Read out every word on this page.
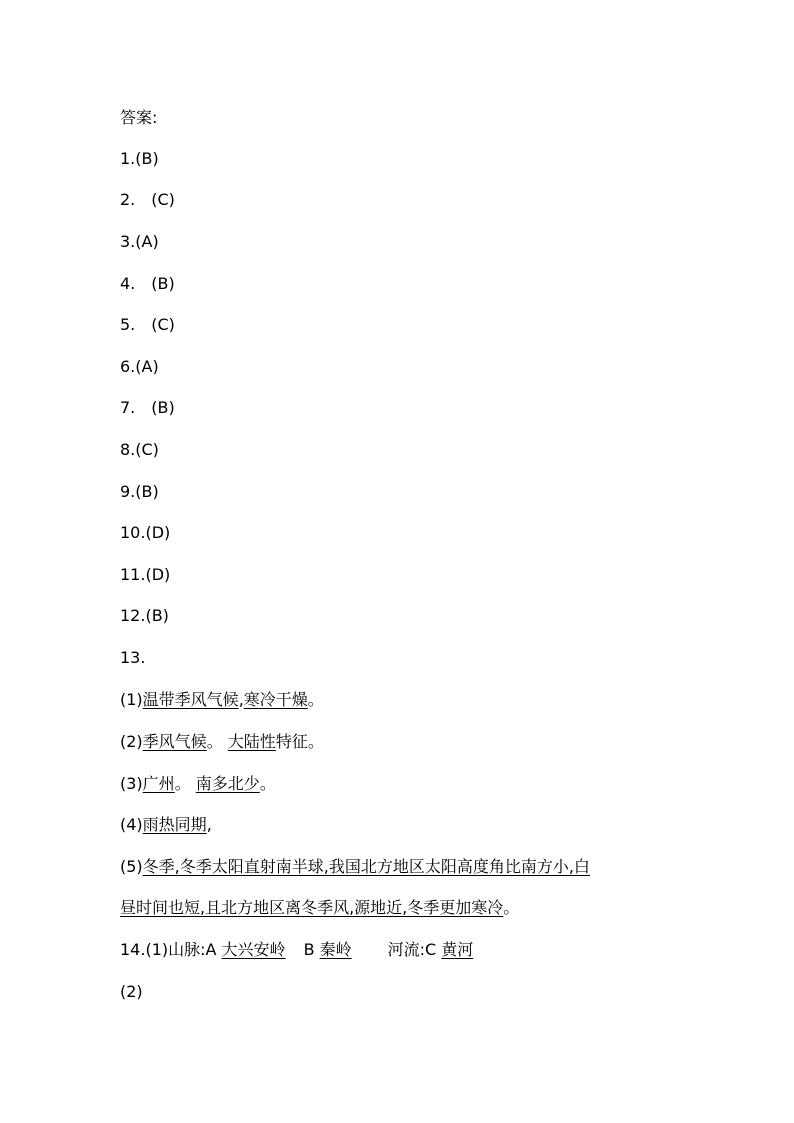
答案:
1.(B)
2.　(C)
3.(A)
4.　(B)
5.　(C)
6.(A)
7.　(B)
8.(C)
9.(B)
10.(D)
11.(D)
12.(B)
13.
(1)温带季风气候,寒冷干燥。
(2)季风气候。 大陆性特征。
(3)广州。 南多北少。
(4)雨热同期,
(5)冬季,冬季太阳直射南半球,我国北方地区太阳高度角比南方小,白
昼时间也短,且北方地区离冬季风,源地近,冬季更加寒冷。
14.(1)山脉:A 大兴安岭 B 秦岭 河流:C 黄河
(2)
